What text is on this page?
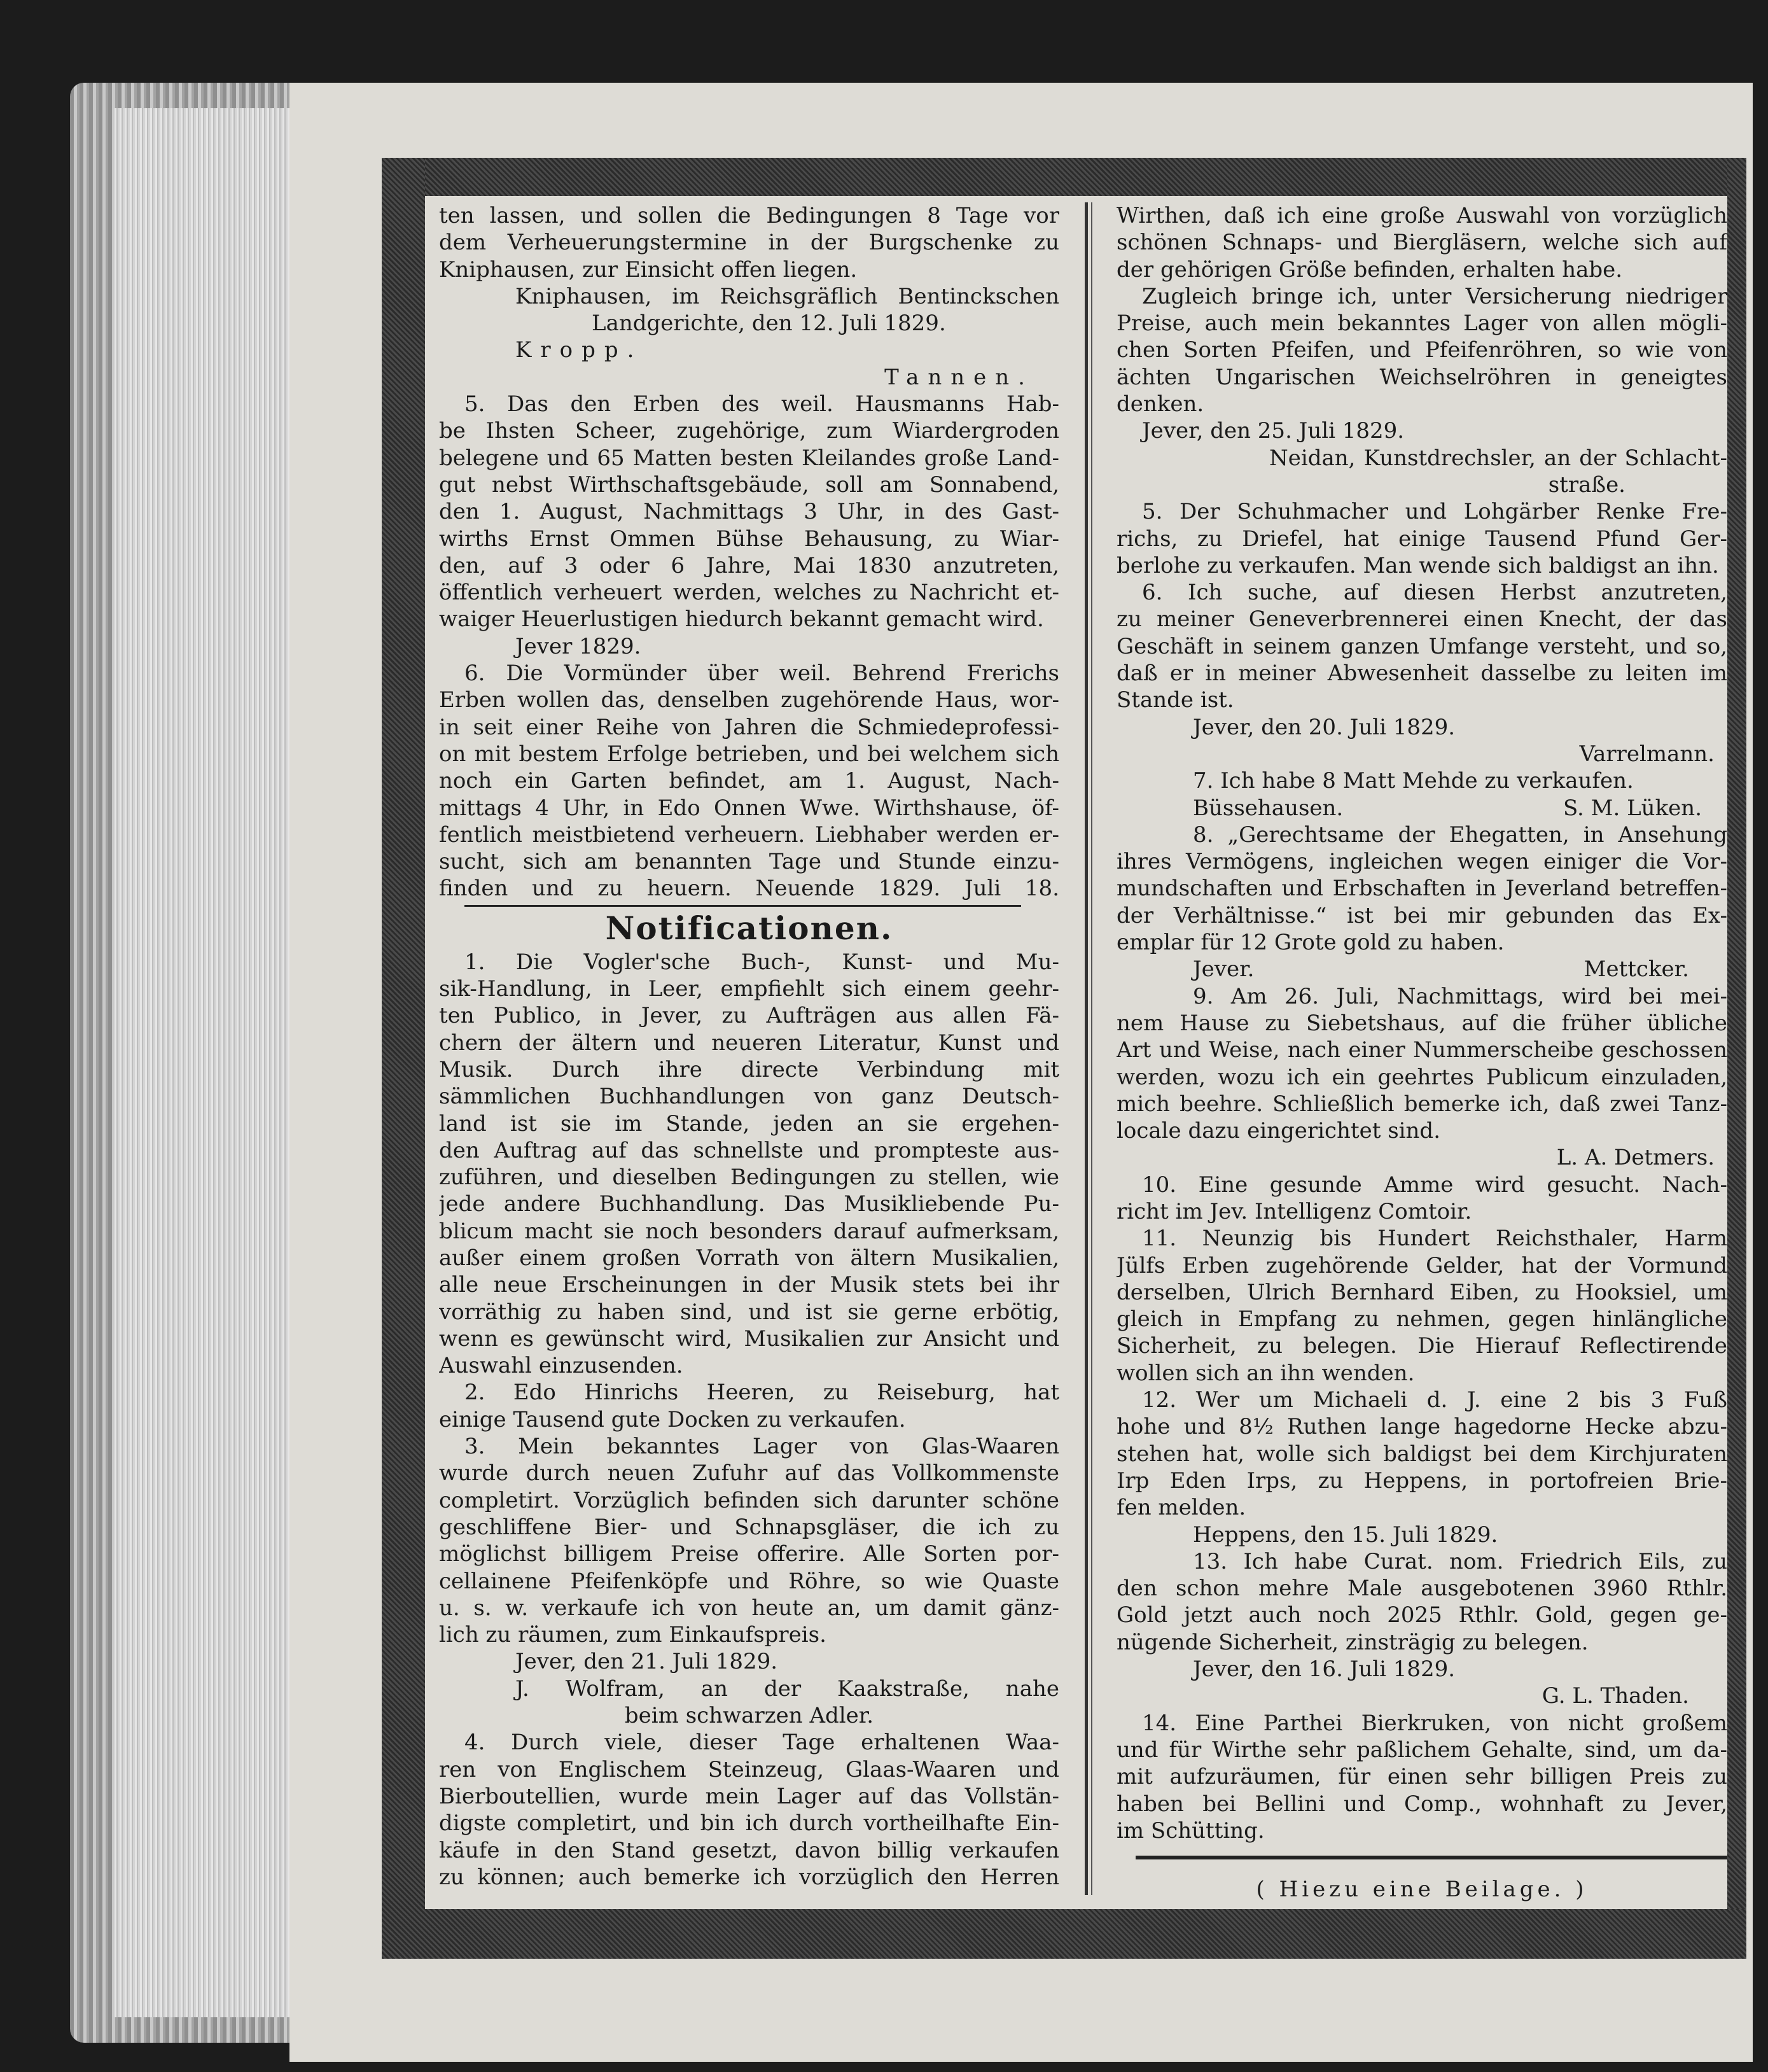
ten lassen, und sollen die Bedingungen 8 Tage vor
dem Verheuerungstermine in der Burgschenke zu
Kniphausen, zur Einsicht offen liegen.
Kniphausen, im Reichsgräflich Bentinckschen
Landgerichte, den 12. Juli 1829.
Kropp.
Tannen.
5. Das den Erben des weil. Hausmanns Hab-
be Ihsten Scheer, zugehörige, zum Wiardergroden
belegene und 65 Matten besten Kleilandes große Land-
gut nebst Wirthschaftsgebäude, soll am Sonnabend,
den 1. August, Nachmittags 3 Uhr, in des Gast-
wirths Ernst Ommen Bühse Behausung, zu Wiar-
den, auf 3 oder 6 Jahre, Mai 1830 anzutreten,
öffentlich verheuert werden, welches zu Nachricht et-
waiger Heuerlustigen hiedurch bekannt gemacht wird.
Jever 1829.
6. Die Vormünder über weil. Behrend Frerichs
Erben wollen das, denselben zugehörende Haus, wor-
in seit einer Reihe von Jahren die Schmiedeprofessi-
on mit bestem Erfolge betrieben, und bei welchem sich
noch ein Garten befindet, am 1. August, Nach-
mittags 4 Uhr, in Edo Onnen Wwe. Wirthshause, öf-
fentlich meistbietend verheuern. Liebhaber werden er-
sucht, sich am benannten Tage und Stunde einzu-
finden und zu heuern. Neuende 1829. Juli 18.
Notificationen.
1. Die Vogler'sche Buch-, Kunst- und Mu-
sik-Handlung, in Leer, empfiehlt sich einem geehr-
ten Publico, in Jever, zu Aufträgen aus allen Fä-
chern der ältern und neueren Literatur, Kunst und
Musik. Durch ihre directe Verbindung mit
sämmlichen Buchhandlungen von ganz Deutsch-
land ist sie im Stande, jeden an sie ergehen-
den Auftrag auf das schnellste und prompteste aus-
zuführen, und dieselben Bedingungen zu stellen, wie
jede andere Buchhandlung. Das Musikliebende Pu-
blicum macht sie noch besonders darauf aufmerksam,
außer einem großen Vorrath von ältern Musikalien,
alle neue Erscheinungen in der Musik stets bei ihr
vorräthig zu haben sind, und ist sie gerne erbötig,
wenn es gewünscht wird, Musikalien zur Ansicht und
Auswahl einzusenden.
2. Edo Hinrichs Heeren, zu Reiseburg, hat
einige Tausend gute Docken zu verkaufen.
3. Mein bekanntes Lager von Glas-Waaren
wurde durch neuen Zufuhr auf das Vollkommenste
completirt. Vorzüglich befinden sich darunter schöne
geschliffene Bier- und Schnapsgläser, die ich zu
möglichst billigem Preise offerire. Alle Sorten por-
cellainene Pfeifenköpfe und Röhre, so wie Quaste
u. s. w. verkaufe ich von heute an, um damit gänz-
lich zu räumen, zum Einkaufspreis.
Jever, den 21. Juli 1829.
J. Wolfram, an der Kaakstraße, nahe
beim schwarzen Adler.
4. Durch viele, dieser Tage erhaltenen Waa-
ren von Englischem Steinzeug, Glaas-Waaren und
Bierboutellien, wurde mein Lager auf das Vollstän-
digste completirt, und bin ich durch vortheilhafte Ein-
käufe in den Stand gesetzt, davon billig verkaufen
zu können; auch bemerke ich vorzüglich den Herren
Wirthen, daß ich eine große Auswahl von vorzüglich
schönen Schnaps- und Biergläsern, welche sich auf
der gehörigen Größe befinden, erhalten habe.
Zugleich bringe ich, unter Versicherung niedriger
Preise, auch mein bekanntes Lager von allen mögli-
chen Sorten Pfeifen, und Pfeifenröhren, so wie von
ächten Ungarischen Weichselröhren in geneigtes
denken.
Jever, den 25. Juli 1829.
Neidan, Kunstdrechsler, an der Schlacht-
straße.
5. Der Schuhmacher und Lohgärber Renke Fre-
richs, zu Driefel, hat einige Tausend Pfund Ger-
berlohe zu verkaufen. Man wende sich baldigst an ihn.
6. Ich suche, auf diesen Herbst anzutreten,
zu meiner Geneverbrennerei einen Knecht, der das
Geschäft in seinem ganzen Umfange versteht, und so,
daß er in meiner Abwesenheit dasselbe zu leiten im
Stande ist.
Jever, den 20. Juli 1829.
Varrelmann.
7. Ich habe 8 Matt Mehde zu verkaufen.
Büssehausen.	S. M. Lüken.
8. „Gerechtsame der Ehegatten, in Ansehung
ihres Vermögens, ingleichen wegen einiger die Vor-
mundschaften und Erbschaften in Jeverland betreffen-
der Verhältnisse.“ ist bei mir gebunden das Ex-
emplar für 12 Grote gold zu haben.
Jever.	Mettcker.
9. Am 26. Juli, Nachmittags, wird bei mei-
nem Hause zu Siebetshaus, auf die früher übliche
Art und Weise, nach einer Nummerscheibe geschossen
werden, wozu ich ein geehrtes Publicum einzuladen,
mich beehre. Schließlich bemerke ich, daß zwei Tanz-
locale dazu eingerichtet sind.
L. A. Detmers.
10. Eine gesunde Amme wird gesucht. Nach-
richt im Jev. Intelligenz Comtoir.
11. Neunzig bis Hundert Reichsthaler, Harm
Jülfs Erben zugehörende Gelder, hat der Vormund
derselben, Ulrich Bernhard Eiben, zu Hooksiel, um
gleich in Empfang zu nehmen, gegen hinlängliche
Sicherheit, zu belegen. Die Hierauf Reflectirende
wollen sich an ihn wenden.
12. Wer um Michaeli d. J. eine 2 bis 3 Fuß
hohe und 8½ Ruthen lange hagedorne Hecke abzu-
stehen hat, wolle sich baldigst bei dem Kirchjuraten
Irp Eden Irps, zu Heppens, in portofreien Brie-
fen melden.
Heppens, den 15. Juli 1829.
13. Ich habe Curat. nom. Friedrich Eils, zu
den schon mehre Male ausgebotenen 3960 Rthlr.
Gold jetzt auch noch 2025 Rthlr. Gold, gegen ge-
nügende Sicherheit, zinsträgig zu belegen.
Jever, den 16. Juli 1829.
G. L. Thaden.
14. Eine Parthei Bierkruken, von nicht großem
und für Wirthe sehr paßlichem Gehalte, sind, um da-
mit aufzuräumen, für einen sehr billigen Preis zu
haben bei Bellini und Comp., wohnhaft zu Jever,
im Schütting.
( Hiezu eine Beilage. )
